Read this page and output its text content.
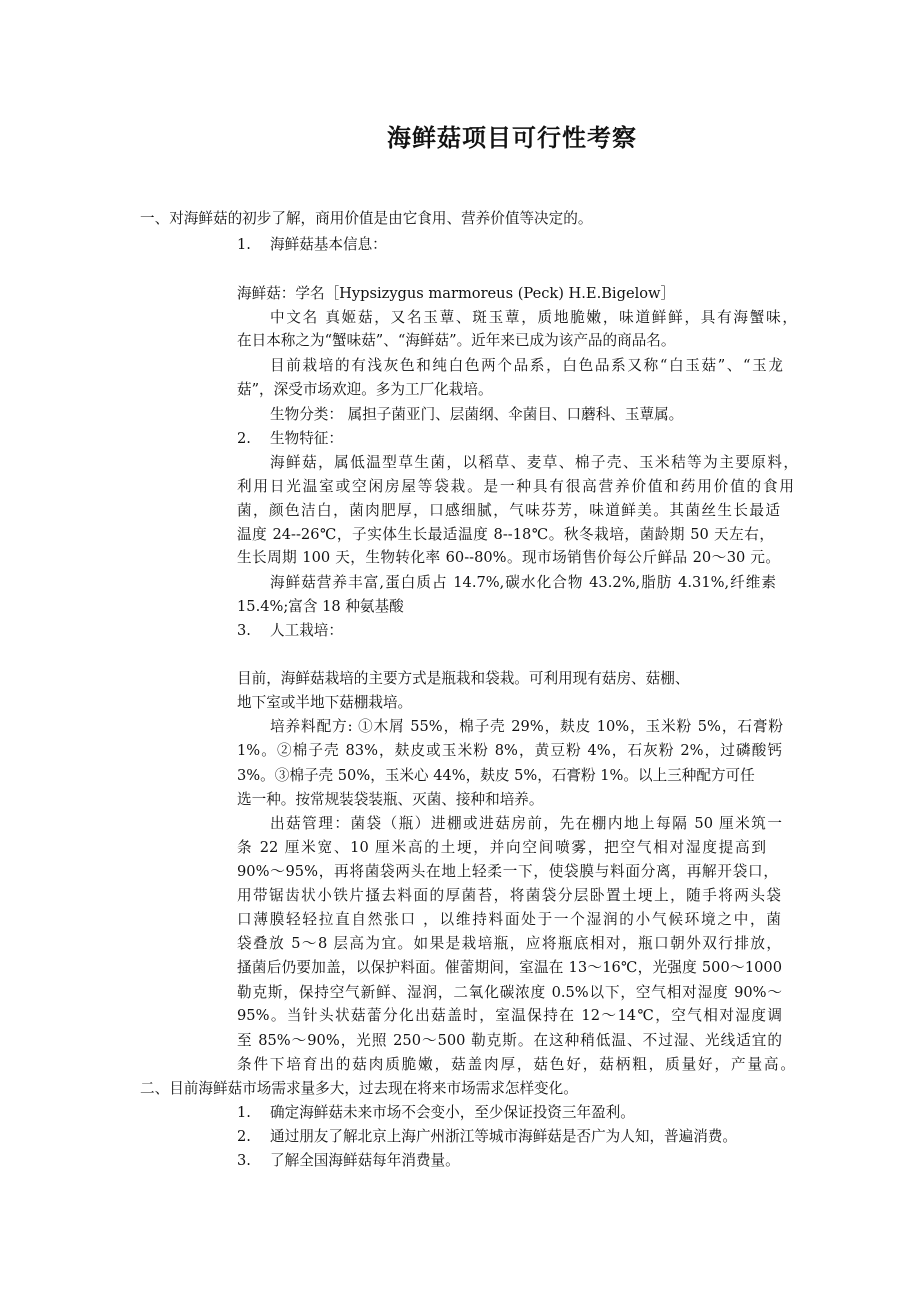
海鲜菇项目可行性考察
一、对海鲜菇的初步了解，商用价值是由它食用、营养价值等决定的。
1. 海鲜菇基本信息：
海鲜菇：学名［Hypsizygus marmoreus (Peck) H.E.Bigelow］
中文名 真姬菇，又名玉蕈、斑玉蕈，质地脆嫩，味道鲜鲜，具有海蟹味，
在日本称之为“蟹味菇”、“海鲜菇”。近年来已成为该产品的商品名。
目前栽培的有浅灰色和纯白色两个品系，白色品系又称“白玉菇”、“玉龙
菇”，深受市场欢迎。多为工厂化栽培。
生物分类： 属担子菌亚门、层菌纲、伞菌目、口蘑科、玉蕈属。
2. 生物特征：
海鲜菇，属低温型草生菌，以稻草、麦草、棉子壳、玉米秸等为主要原料，
利用日光温室或空闲房屋等袋栽。是一种具有很高营养价值和药用价值的食用
菌，颜色洁白，菌肉肥厚，口感细腻，气味芬芳，味道鲜美。其菌丝生长最适
温度 24--26℃，子实体生长最适温度 8--18℃。秋冬栽培，菌龄期 50 天左右，
生长周期 100 天，生物转化率 60--80%。现市场销售价每公斤鲜品 20～30 元。
海鲜菇营养丰富,蛋白质占 14.7%,碳水化合物 43.2%,脂肪 4.31%,纤维素
15.4%;富含 18 种氨基酸
3. 人工栽培：
目前，海鲜菇栽培的主要方式是瓶栽和袋栽。可利用现有菇房、菇棚、
地下室或半地下菇棚栽培。
培养料配方: ①木屑 55%，棉子壳 29%，麸皮 10%，玉米粉 5%，石膏粉
1%。②棉子壳 83%，麸皮或玉米粉 8%，黄豆粉 4%，石灰粉 2%，过磷酸钙
3%。③棉子壳 50%，玉米心 44%，麸皮 5%，石膏粉 1%。以上三种配方可任
选一种。按常规装袋装瓶、灭菌、接种和培养。
出菇管理：菌袋（瓶）进棚或进菇房前，先在棚内地上每隔 50 厘米筑一
条 22 厘米宽、10 厘米高的土埂，并向空间喷雾，把空气相对湿度提高到
90%～95%，再将菌袋两头在地上轻柔一下，使袋膜与料面分离，再解开袋口，
用带锯齿状小铁片搔去料面的厚菌苔，将菌袋分层卧置土埂上，随手将两头袋
口薄膜轻轻拉直自然张口 ，以维持料面处于一个湿润的小气候环境之中，菌
袋叠放 5～8 层高为宜。如果是栽培瓶，应将瓶底相对，瓶口朝外双行排放，
搔菌后仍要加盖，以保护料面。催蕾期间，室温在 13～16℃，光强度 500～1000
勒克斯，保持空气新鲜、湿润，二氧化碳浓度 0.5%以下，空气相对湿度 90%～
95%。当针头状菇蕾分化出菇盖时，室温保持在 12～14℃，空气相对湿度调
至 85%～90%，光照 250～500 勒克斯。在这种稍低温、不过湿、光线适宜的
条件下培育出的菇肉质脆嫩，菇盖肉厚，菇色好，菇柄粗，质量好，产量高。
二、目前海鲜菇市场需求量多大，过去现在将来市场需求怎样变化。
1. 确定海鲜菇未来市场不会变小，至少保证投资三年盈利。
2. 通过朋友了解北京上海广州浙江等城市海鲜菇是否广为人知，普遍消费。
3. 了解全国海鲜菇每年消费量。
